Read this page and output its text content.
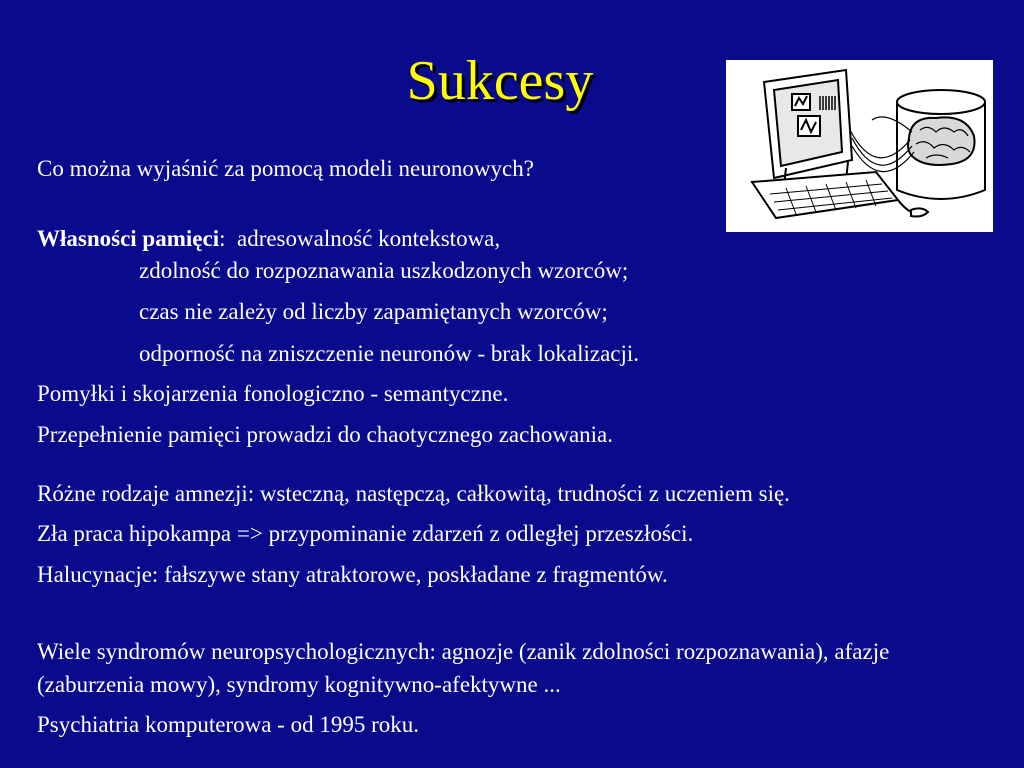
Sukcesy
Co można wyjaśnić za pomocą modeli neuronowych?
Własności pamięci: adresowalność kontekstowa,
zdolność do rozpoznawania uszkodzonych wzorców;
czas nie zależy od liczby zapamiętanych wzorców;
odporność na zniszczenie neuronów - brak lokalizacji.
Pomyłki i skojarzenia fonologiczno - semantyczne.
Przepełnienie pamięci prowadzi do chaotycznego zachowania.
Różne rodzaje amnezji: wsteczną, następczą, całkowitą, trudności z uczeniem się.
Zła praca hipokampa => przypominanie zdarzeń z odległej przeszłości.
Halucynacje: fałszywe stany atraktorowe, poskładane z fragmentów.
Wiele syndromów neuropsychologicznych: agnozje (zanik zdolności rozpoznawania), afazje (zaburzenia mowy), syndromy kognitywno-afektywne ...
Psychiatria komputerowa - od 1995 roku.
